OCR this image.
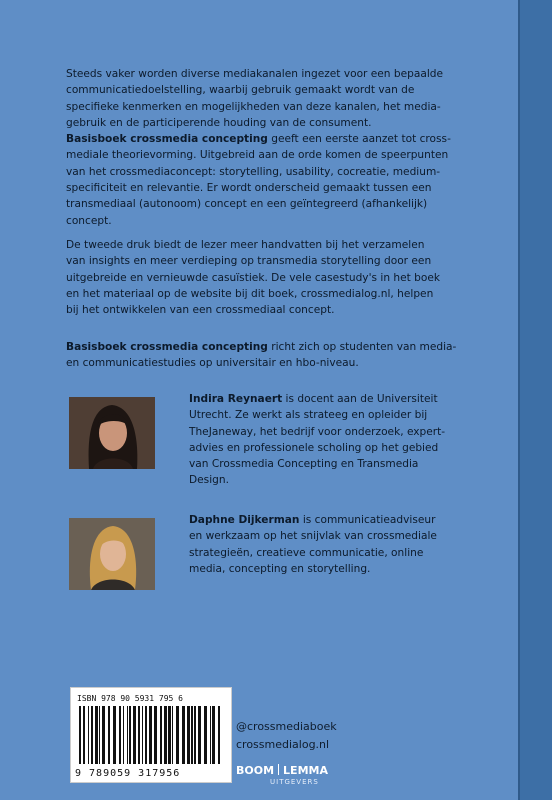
Steeds vaker worden diverse mediakanalen ingezet voor een bepaalde
communicatiedoelstelling, waarbij gebruik gemaakt wordt van de
specifieke kenmerken en mogelijkheden van deze kanalen, het media-
gebruik en de participerende houding van de consument.
Basisboek crossmedia concepting geeft een eerste aanzet tot cross-
mediale theorievorming. Uitgebreid aan de orde komen de speerpunten
van het crossmediaconcept: storytelling, usability, cocreatie, medium-
specificiteit en relevantie. Er wordt onderscheid gemaakt tussen een
transmediaal (autonoom) concept en een geïntegreerd (afhankelijk)
concept.
De tweede druk biedt de lezer meer handvatten bij het verzamelen
van insights en meer verdieping op transmedia storytelling door een
uitgebreide en vernieuwde casuïstiek. De vele casestudy's in het boek
en het materiaal op de website bij dit boek, crossmedialog.nl, helpen
bij het ontwikkelen van een crossmediaal concept.
Basisboek crossmedia concepting richt zich op studenten van media-
en communicatiestudies op universitair en hbo-niveau.
Indira Reynaert is docent aan de Universiteit
Utrecht. Ze werkt als strateeg en opleider bij
TheJaneway, het bedrijf voor onderzoek, expert-
advies en professionele scholing op het gebied
van Crossmedia Concepting en Transmedia
Design.
Daphne Dijkerman is communicatieadviseur
en werkzaam op het snijvlak van crossmediale
strategieën, creatieve communicatie, online
media, concepting en storytelling.
ISBN 978 90 5931 795 6
9 789059 317956
@crossmediaboek
crossmedialog.nl
BOOM LEMMA
UITGEVERS
